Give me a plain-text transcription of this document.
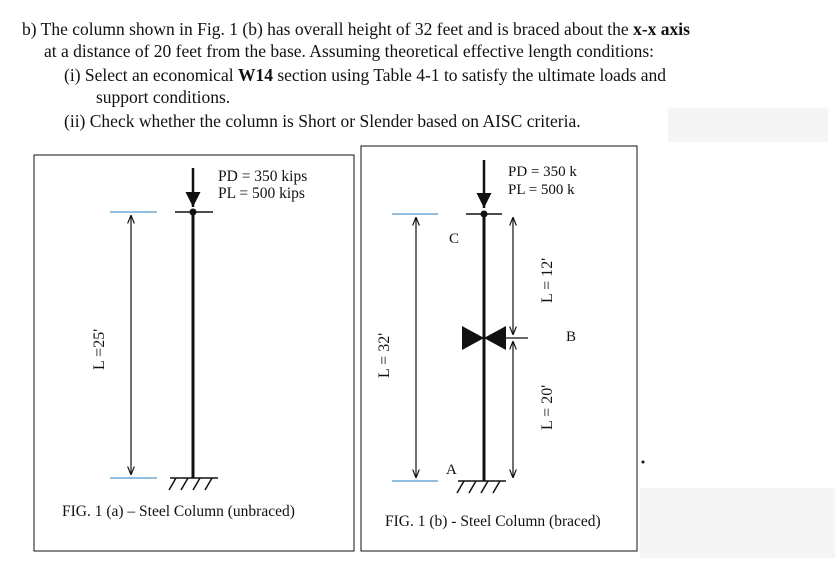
b) The column shown in Fig. 1 (b) has overall height of 32 feet and is braced about the x-x axis
at a distance of 20 feet from the base. Assuming theoretical effective length conditions:
(i) Select an economical W14 section using Table 4-1 to satisfy the ultimate loads and
support conditions.
(ii) Check whether the column is Short or Slender based on AISC criteria.
PD = 350 kips
PL = 500 kips
L =25'
FIG. 1 (a) – Steel Column (unbraced)
PD = 350 k
PL = 500 k
L = 32'
L = 12'
L = 20'
C
B
A
FIG. 1 (b) - Steel Column (braced)
